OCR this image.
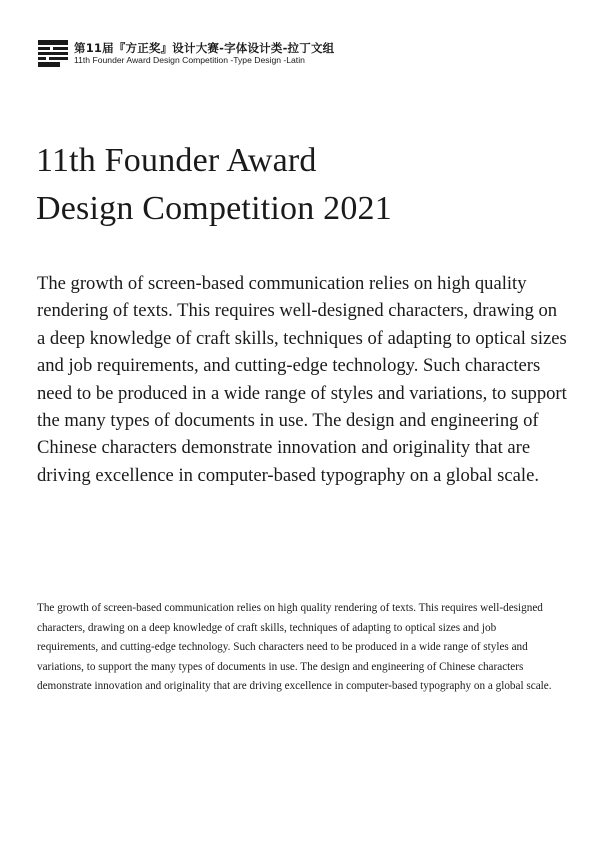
第11届『方正奖』设计大赛-字体设计类-拉丁文组
11th Founder Award Design Competition -Type Design -Latin
11th Founder Award
Design Competition 2021

The growth of screen-based communication relies on high quality rendering of texts. This requires well-designed characters, drawing on a deep knowledge of craft skills, techniques of adapting to optical sizes and job requirements, and cutting-edge technology. Such characters need to be produced in a wide range of styles and variations, to support the many types of documents in use. The design and engineering of Chinese characters demonstrate innovation and originality that are driving excellence in computer-based typography on a global scale.

The growth of screen-based communication relies on high quality rendering of texts. This requires well-designed characters, drawing on a deep knowledge of craft skills, techniques of adapting to optical sizes and job requirements, and cutting-edge technology. Such characters need to be produced in a wide range of styles and variations, to support the many types of documents in use. The design and engineering of Chinese characters demonstrate innovation and originality that are driving excellence in computer-based typography on a global scale.
